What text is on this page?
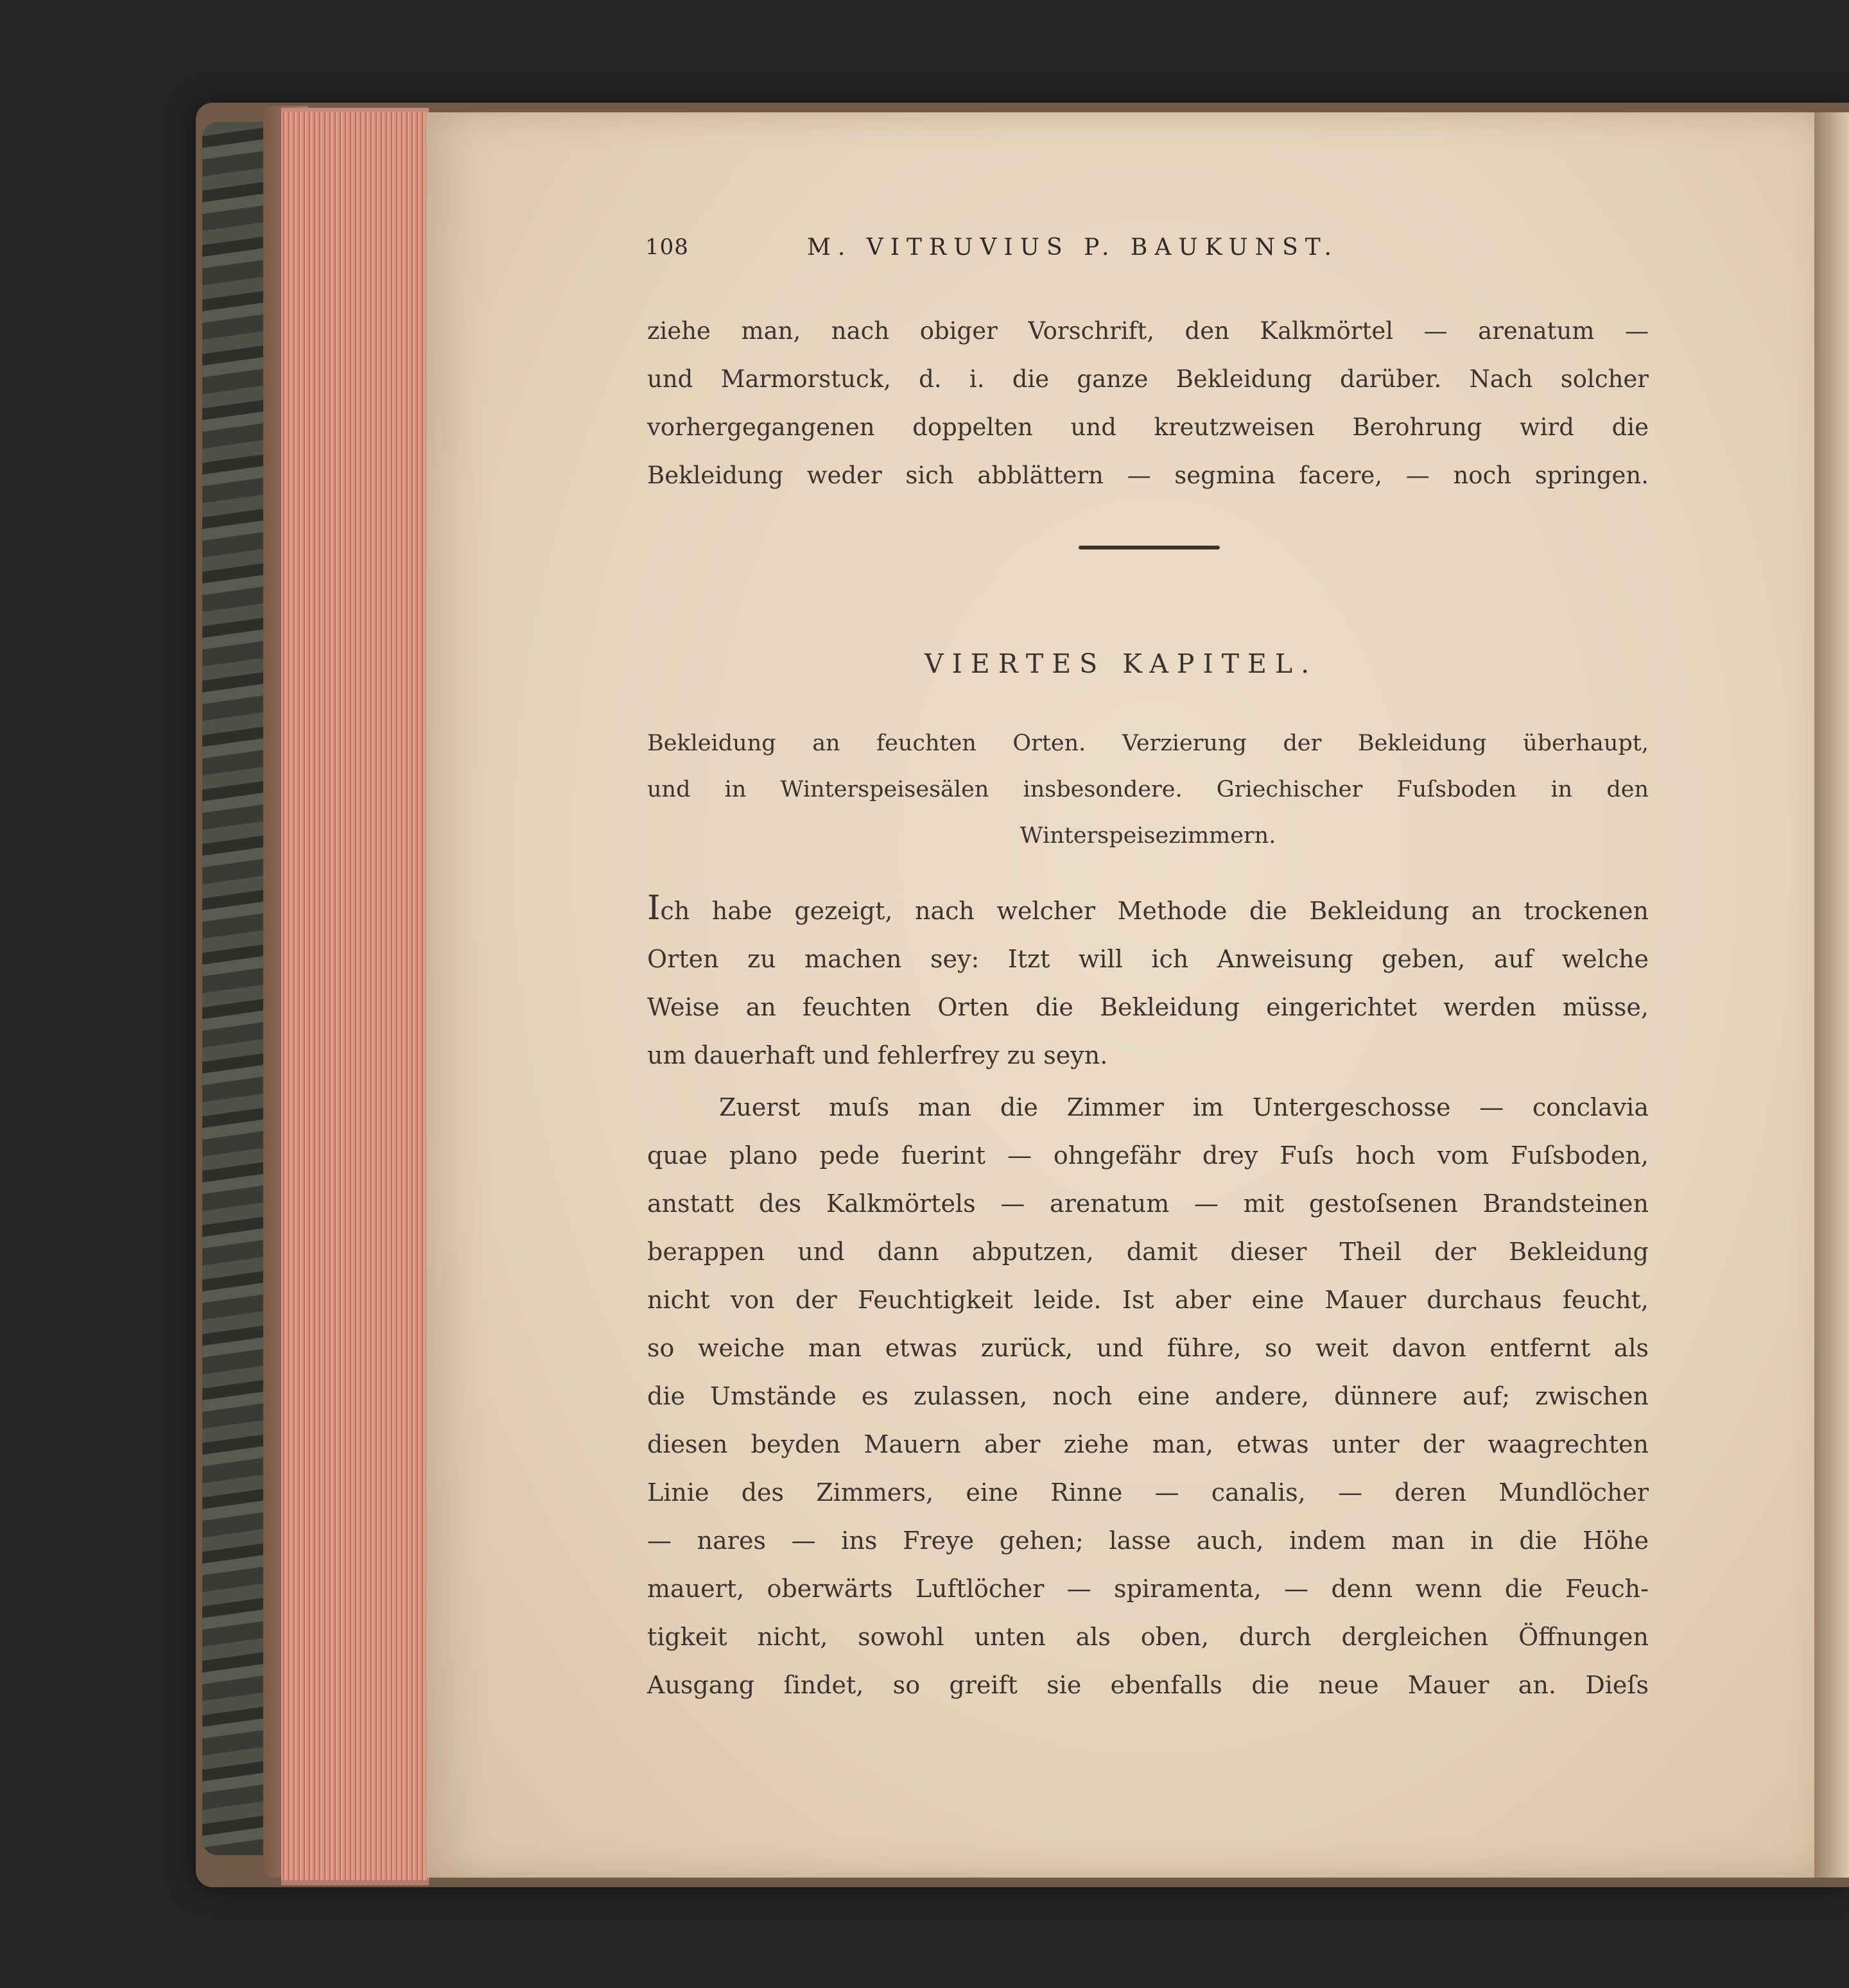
108	M. VITRUVIUS P. BAUKUNST.
ziehe man, nach obiger Vorschrift, den Kalkmörtel — arenatum —
und Marmorstuck, d. i. die ganze Bekleidung darüber. Nach solcher
vorhergegangenen doppelten und kreutzweisen Berohrung wird die
Bekleidung weder sich abblättern — segmina facere, — noch springen.
VIERTES KAPITEL.
Bekleidung an feuchten Orten. Verzierung der Bekleidung überhaupt,
und in Winterspeisesälen insbesondere. Griechischer Fuſsboden in den
Winterspeisezimmern.
Ich habe gezeigt, nach welcher Methode die Bekleidung an trockenen
Orten zu machen sey: Itzt will ich Anweisung geben, auf welche
Weise an feuchten Orten die Bekleidung eingerichtet werden müsse,
um dauerhaft und fehlerfrey zu seyn.
Zuerst muſs man die Zimmer im Untergeschosse — conclavia
quae plano pede fuerint — ohngefähr drey Fuſs hoch vom Fuſsboden,
anstatt des Kalkmörtels — arenatum — mit gestoſsenen Brandsteinen
berappen und dann abputzen, damit dieser Theil der Bekleidung
nicht von der Feuchtigkeit leide. Ist aber eine Mauer durchaus feucht,
so weiche man etwas zurück, und führe, so weit davon entfernt als
die Umstände es zulassen, noch eine andere, dünnere auf; zwischen
diesen beyden Mauern aber ziehe man, etwas unter der waagrechten
Linie des Zimmers, eine Rinne — canalis, — deren Mundlöcher
— nares — ins Freye gehen; lasse auch, indem man in die Höhe
mauert, oberwärts Luftlöcher — spiramenta, — denn wenn die Feuch-
tigkeit nicht, sowohl unten als oben, durch dergleichen Öffnungen
Ausgang ſindet, so greift sie ebenfalls die neue Mauer an. Dieſs
